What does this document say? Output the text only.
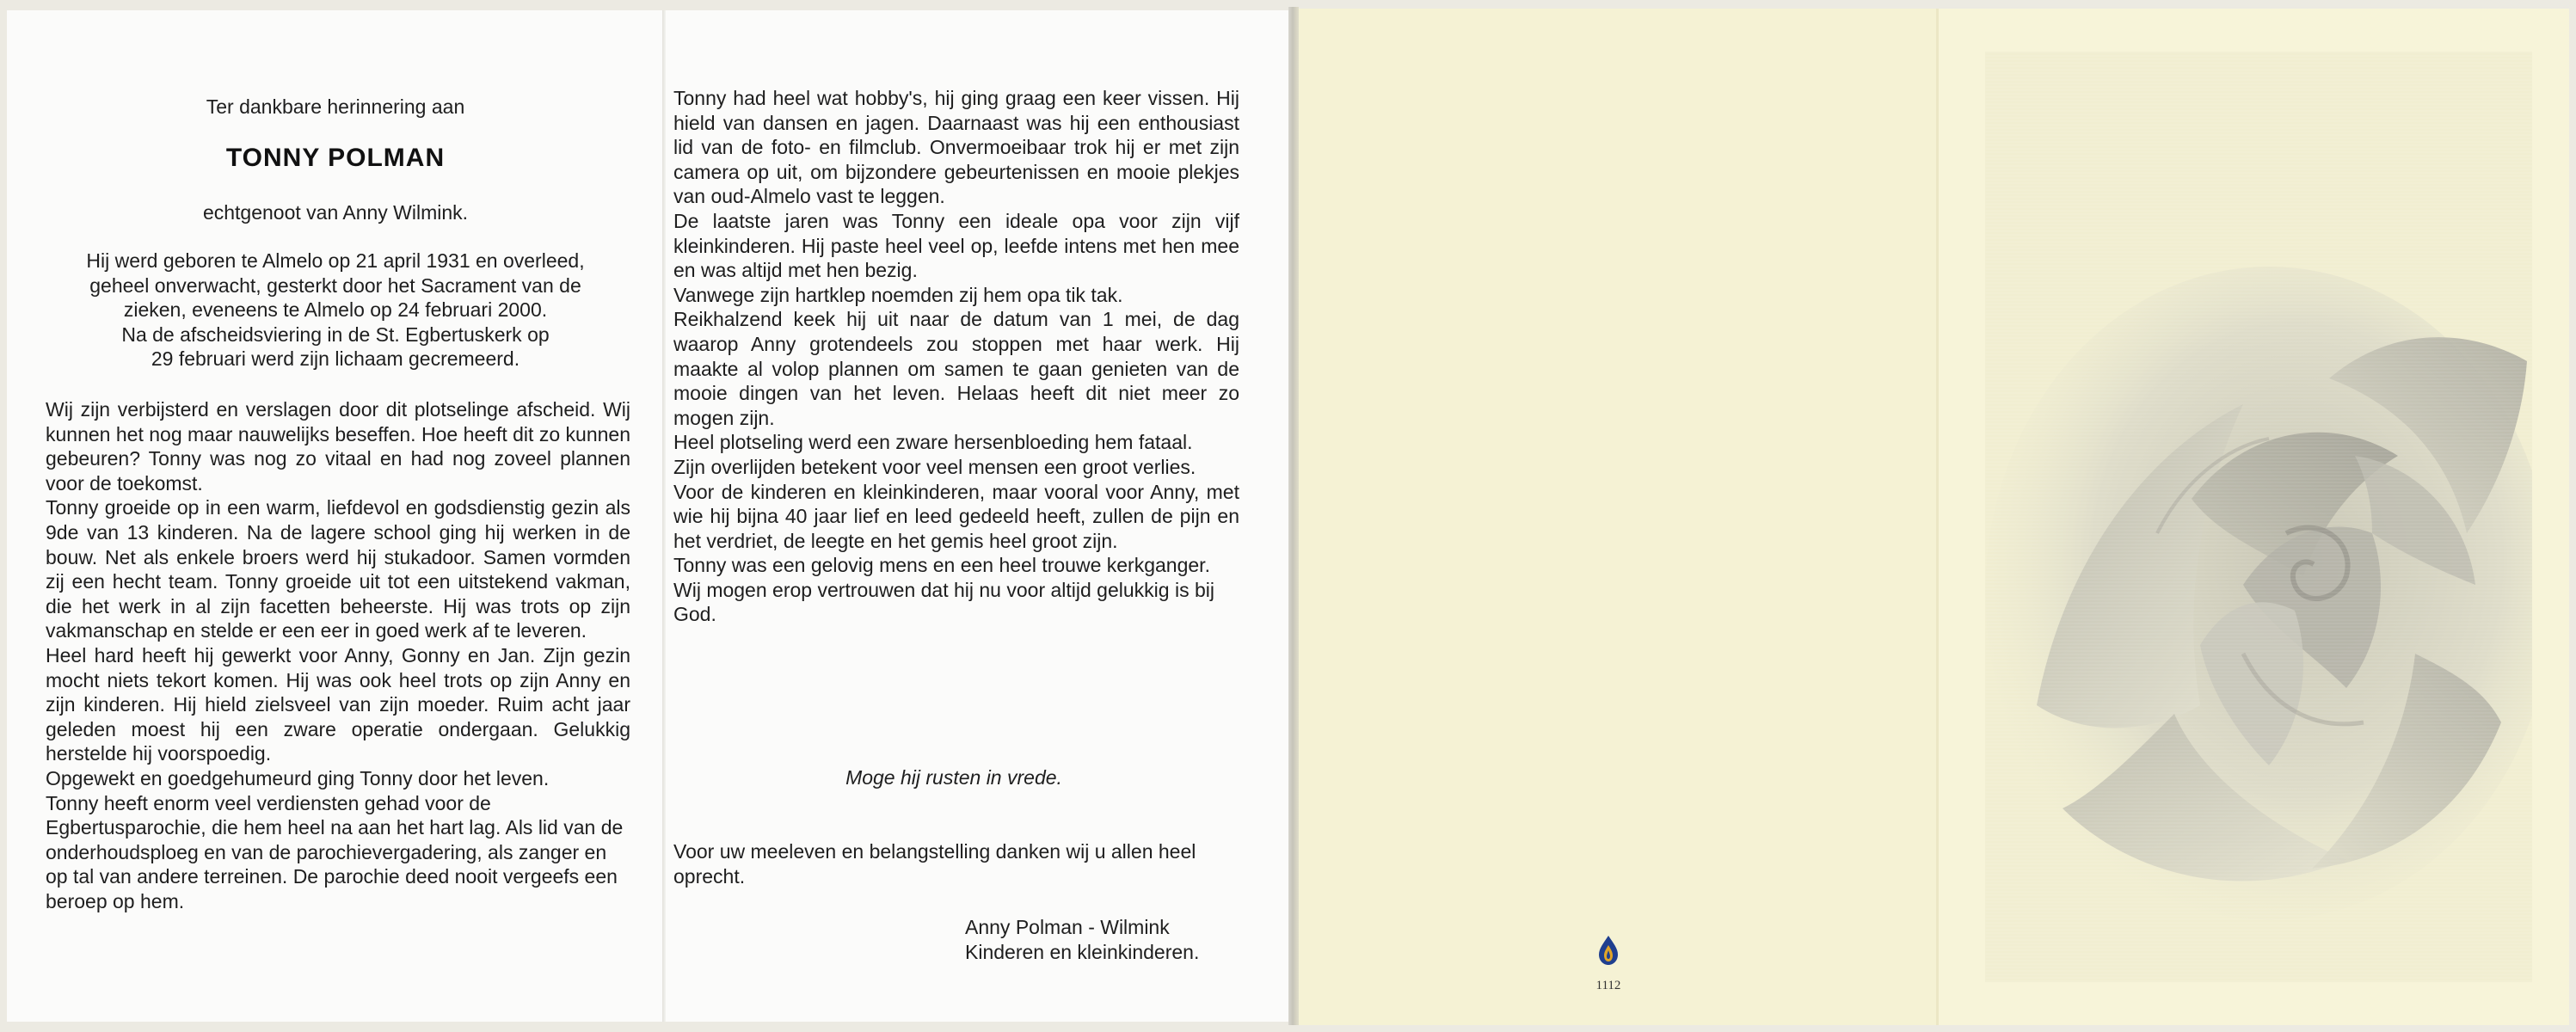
Ter dankbare herinnering aan

TONNY POLMAN

echtgenoot van Anny Wilmink.

Hij werd geboren te Almelo op 21 april 1931 en overleed,
geheel onverwacht, gesterkt door het Sacrament van de
zieken, eveneens te Almelo op 24 februari 2000.
Na de afscheidsviering in de St. Egbertuskerk op
29 februari werd zijn lichaam gecremeerd.
Wij zijn verbijsterd en verslagen door dit plotselinge afscheid. Wij kunnen het nog maar nauwelijks beseffen. Hoe heeft dit zo kunnen gebeuren? Tonny was nog zo vitaal en had nog zoveel plannen voor de toekomst.
Tonny groeide op in een warm, liefdevol en godsdienstig gezin als 9de van 13 kinderen. Na de lagere school ging hij werken in de bouw. Net als enkele broers werd hij stukadoor. Samen vormden zij een hecht team. Tonny groeide uit tot een uitstekend vakman, die het werk in al zijn facetten beheerste. Hij was trots op zijn vakmanschap en stelde er een eer in goed werk af te leveren.
Heel hard heeft hij gewerkt voor Anny, Gonny en Jan. Zijn gezin mocht niets tekort komen. Hij was ook heel trots op zijn Anny en zijn kinderen. Hij hield zielsveel van zijn moeder. Ruim acht jaar geleden moest hij een zware operatie ondergaan. Gelukkig herstelde hij voorspoedig.
Opgewekt en goedgehumeurd ging Tonny door het leven.
Tonny heeft enorm veel verdiensten gehad voor de Egbertusparochie, die hem heel na aan het hart lag. Als lid van de onderhoudsploeg en van de parochievergadering, als zanger en op tal van andere terreinen. De parochie deed nooit vergeefs een beroep op hem.
Tonny had heel wat hobby's, hij ging graag een keer vissen. Hij hield van dansen en jagen. Daarnaast was hij een enthousiast lid van de foto- en filmclub. Onvermoeibaar trok hij er met zijn camera op uit, om bijzondere gebeurtenissen en mooie plekjes van oud-Almelo vast te leggen.
De laatste jaren was Tonny een ideale opa voor zijn vijf kleinkinderen. Hij paste heel veel op, leefde intens met hen mee en was altijd met hen bezig.
Vanwege zijn hartklep noemden zij hem opa tik tak.
Reikhalzend keek hij uit naar de datum van 1 mei, de dag waarop Anny grotendeels zou stoppen met haar werk. Hij maakte al volop plannen om samen te gaan genieten van de mooie dingen van het leven. Helaas heeft dit niet meer zo mogen zijn.
Heel plotseling werd een zware hersenbloeding hem fataal.
Zijn overlijden betekent voor veel mensen een groot verlies.
Voor de kinderen en kleinkinderen, maar vooral voor Anny, met wie hij bijna 40 jaar lief en leed gedeeld heeft, zullen de pijn en het verdriet, de leegte en het gemis heel groot zijn.
Tonny was een gelovig mens en een heel trouwe kerkganger. Wij mogen erop vertrouwen dat hij nu voor altijd gelukkig is bij God.

Moge hij rusten in vrede.

Voor uw meeleven en belangstelling danken wij u allen heel oprecht.

Anny Polman - Wilmink
Kinderen en kleinkinderen.
1112
